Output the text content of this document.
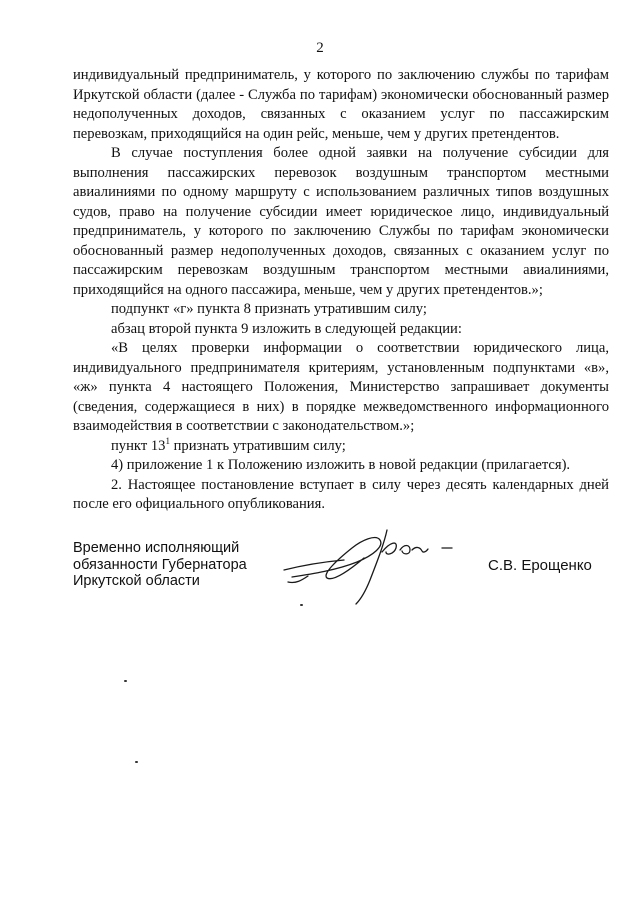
2

индивидуальный предприниматель, у которого по заключению службы по тарифам Иркутской области (далее - Служба по тарифам) экономически обоснованный размер недополученных доходов, связанных с оказанием услуг по пассажирским перевозкам, приходящийся на один рейс, меньше, чем у других претендентов.

В случае поступления более одной заявки на получение субсидии для выполнения пассажирских перевозок воздушным транспортом местными авиалиниями по одному маршруту с использованием различных типов воздушных судов, право на получение субсидии имеет юридическое лицо, индивидуальный предприниматель, у которого по заключению Службы по тарифам экономически обоснованный размер недополученных доходов, связанных с оказанием услуг по пассажирским перевозкам воздушным транспортом местными авиалиниями, приходящийся на одного пассажира, меньше, чем у других претендентов.»;

подпункт «г» пункта 8 признать утратившим силу;

абзац второй пункта 9 изложить в следующей редакции:

«В целях проверки информации о соответствии юридического лица, индивидуального предпринимателя критериям, установленным подпунктами «в», «ж» пункта 4 настоящего Положения, Министерство запрашивает документы (сведения, содержащиеся в них) в порядке межведомственного информационного взаимодействия в соответствии с законодательством.»;

пункт $13^1$ признать утратившим силу;

4) приложение 1 к Положению изложить в новой редакции (прилагается).

2. Настоящее постановление вступает в силу через десять календарных дней после его официального опубликования.

Временно исполняющий
обязанности Губернатора
Иркутской области
С.В. Ерощенко
